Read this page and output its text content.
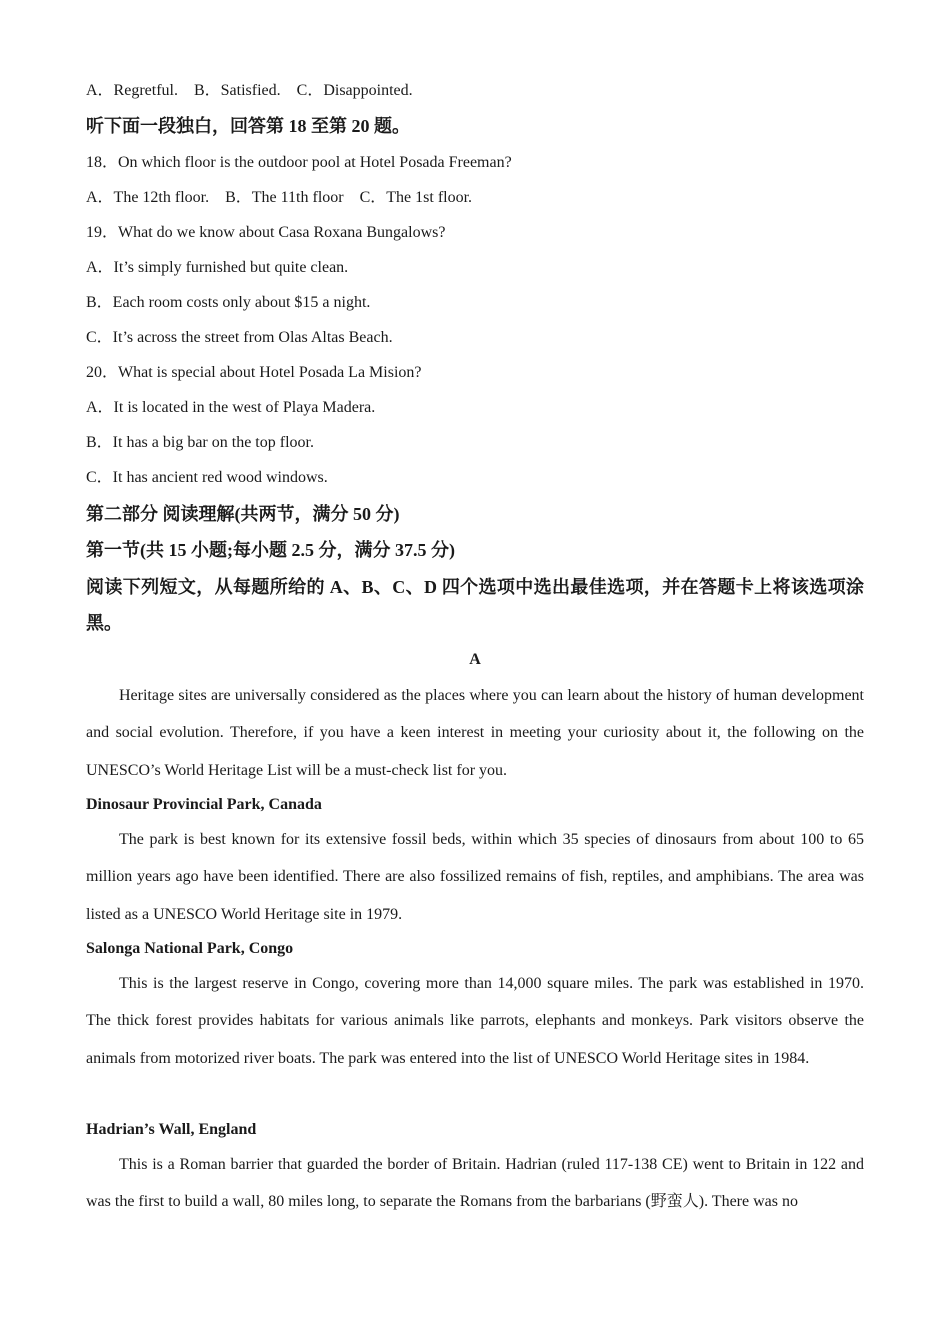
A．Regretful.　B．Satisfied.　C．Disappointed.
听下面一段独白，回答第 18 至第 20 题。
18．On which floor is the outdoor pool at Hotel Posada Freeman?
A．The 12th floor.　B．The 11th floor　C．The 1st floor.
19．What do we know about Casa Roxana Bungalows?
A．It’s simply furnished but quite clean.
B．Each room costs only about $15 a night.
C．It’s across the street from Olas Altas Beach.
20．What is special about Hotel Posada La Mision?
A．It is located in the west of Playa Madera.
B．It has a big bar on the top floor.
C．It has ancient red wood windows.
第二部分 阅读理解(共两节，满分 50 分)
第一节(共 15 小题;每小题 2.5 分，满分 37.5 分)
阅读下列短文，从每题所给的 A、B、C、D 四个选项中选出最佳选项，并在答题卡上将该选项涂黑。
A
Heritage sites are universally considered as the places where you can learn about the history of human development and social evolution. Therefore, if you have a keen interest in meeting your curiosity about it, the following on the UNESCO’s World Heritage List will be a must-check list for you.
Dinosaur Provincial Park, Canada
The park is best known for its extensive fossil beds, within which 35 species of dinosaurs from about 100 to 65 million years ago have been identified. There are also fossilized remains of fish, reptiles, and amphibians. The area was listed as a UNESCO World Heritage site in 1979.
Salonga National Park, Congo
This is the largest reserve in Congo, covering more than 14,000 square miles. The park was established in 1970. The thick forest provides habitats for various animals like parrots, elephants and monkeys. Park visitors observe the animals from motorized river boats. The park was entered into the list of UNESCO World Heritage sites in 1984.
Hadrian’s Wall, England
This is a Roman barrier that guarded the border of Britain. Hadrian (ruled 117-138 CE) went to Britain in 122 and was the first to build a wall, 80 miles long, to separate the Romans from the barbarians (野蛮人). There was no
